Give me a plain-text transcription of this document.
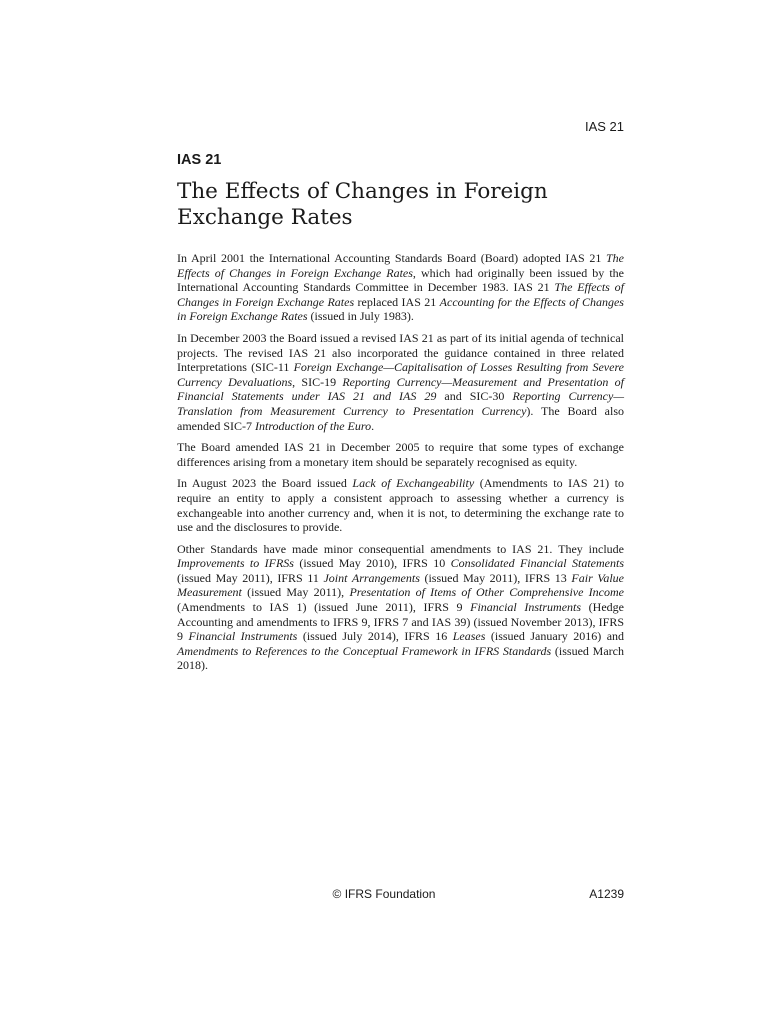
IAS 21
IAS 21
The Effects of Changes in Foreign Exchange Rates

In April 2001 the International Accounting Standards Board (Board) adopted IAS 21 The Effects of Changes in Foreign Exchange Rates, which had originally been issued by the International Accounting Standards Committee in December 1983. IAS 21 The Effects of Changes in Foreign Exchange Rates replaced IAS 21 Accounting for the Effects of Changes in Foreign Exchange Rates (issued in July 1983).

In December 2003 the Board issued a revised IAS 21 as part of its initial agenda of technical projects. The revised IAS 21 also incorporated the guidance contained in three related Interpretations (SIC-11 Foreign Exchange—Capitalisation of Losses Resulting from Severe Currency Devaluations, SIC-19 Reporting Currency—Measurement and Presentation of Financial Statements under IAS 21 and IAS 29 and SIC-30 Reporting Currency—Translation from Measurement Currency to Presentation Currency). The Board also amended SIC-7 Introduction of the Euro.

The Board amended IAS 21 in December 2005 to require that some types of exchange differences arising from a monetary item should be separately recognised as equity.

In August 2023 the Board issued Lack of Exchangeability (Amendments to IAS 21) to require an entity to apply a consistent approach to assessing whether a currency is exchangeable into another currency and, when it is not, to determining the exchange rate to use and the disclosures to provide.

Other Standards have made minor consequential amendments to IAS 21. They include Improvements to IFRSs (issued May 2010), IFRS 10 Consolidated Financial Statements (issued May 2011), IFRS 11 Joint Arrangements (issued May 2011), IFRS 13 Fair Value Measurement (issued May 2011), Presentation of Items of Other Comprehensive Income (Amendments to IAS 1) (issued June 2011), IFRS 9 Financial Instruments (Hedge Accounting and amendments to IFRS 9, IFRS 7 and IAS 39) (issued November 2013), IFRS 9 Financial Instruments (issued July 2014), IFRS 16 Leases (issued January 2016) and Amendments to References to the Conceptual Framework in IFRS Standards (issued March 2018).

© IFRS Foundation	A1239
